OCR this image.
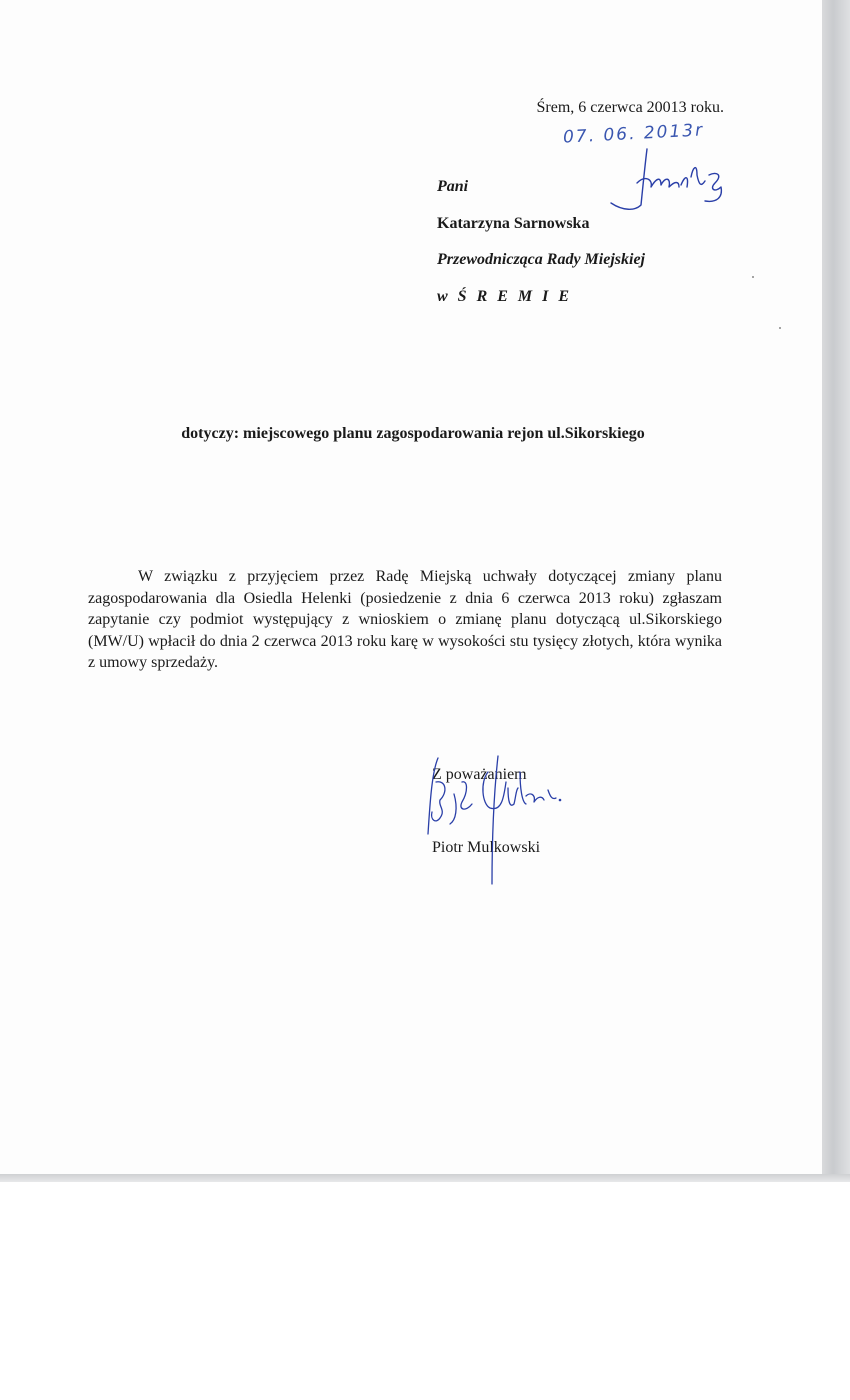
Śrem, 6 czerwca 20013 roku.
07. 06. 2013r
Pani
Katarzyna Sarnowska
Przewodnicząca Rady Miejskiej
w Ś R E M I E
dotyczy: miejscowego planu zagospodarowania rejon ul.Sikorskiego

W związku z przyjęciem przez Radę Miejską uchwały dotyczącej zmiany planu zagospodarowania dla Osiedla Helenki (posiedzenie z dnia 6 czerwca 2013 roku) zgłaszam zapytanie czy podmiot występujący z wnioskiem o zmianę planu dotyczącą ul.Sikorskiego (MW/U) wpłacił do dnia 2 czerwca 2013 roku karę w wysokości stu tysięcy złotych, która wynika z umowy sprzedaży.

Z poważaniem
Piotr Mulkowski
